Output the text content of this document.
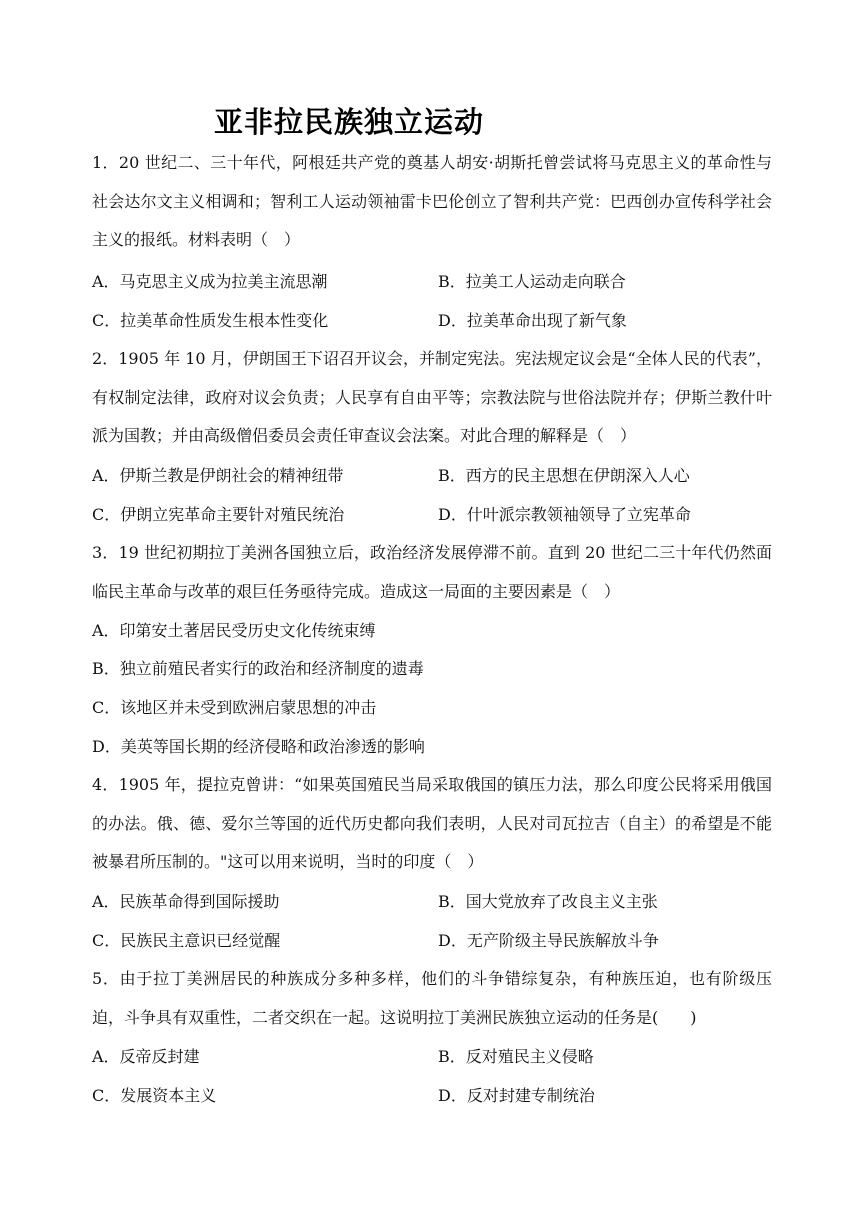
亚非拉民族独立运动

1．20 世纪二、三十年代，阿根廷共产党的奠基人胡安·胡斯托曾尝试将马克思主义的革命性与社会达尔文主义相调和；智利工人运动领袖雷卡巴伦创立了智利共产党：巴西创办宣传科学社会主义的报纸。材料表明（　）

A．马克思主义成为拉美主流思潮	B．拉美工人运动走向联合
C．拉美革命性质发生根本性变化	D．拉美革命出现了新气象

2．1905 年 10 月，伊朗国王下诏召开议会，并制定宪法。宪法规定议会是“全体人民的代表”，有权制定法律，政府对议会负责；人民享有自由平等；宗教法院与世俗法院并存；伊斯兰教什叶派为国教；并由高级僧侣委员会责任审查议会法案。对此合理的解释是（　）

A．伊斯兰教是伊朗社会的精神纽带	B．西方的民主思想在伊朗深入人心
C．伊朗立宪革命主要针对殖民统治	D．什叶派宗教领袖领导了立宪革命

3．19 世纪初期拉丁美洲各国独立后，政治经济发展停滞不前。直到 20 世纪二三十年代仍然面临民主革命与改革的艰巨任务亟待完成。造成这一局面的主要因素是（　）

A．印第安土著居民受历史文化传统束缚
B．独立前殖民者实行的政治和经济制度的遗毒
C．该地区并未受到欧洲启蒙思想的冲击
D．美英等国长期的经济侵略和政治渗透的影响

4．1905 年，提拉克曾讲：“如果英国殖民当局采取俄国的镇压力法，那么印度公民将采用俄国的办法。俄、德、爱尔兰等国的近代历史都向我们表明，人民对司瓦拉吉（自主）的希望是不能被暴君所压制的。"这可以用来说明，当时的印度（　）

A．民族革命得到国际援助	B．国大党放弃了改良主义主张
C．民族民主意识已经觉醒	D．无产阶级主导民族解放斗争

5．由于拉丁美洲居民的种族成分多种多样，他们的斗争错综复杂，有种族压迫，也有阶级压迫，斗争具有双重性，二者交织在一起。这说明拉丁美洲民族独立运动的任务是(　　)

A．反帝反封建	B．反对殖民主义侵略
C．发展资本主义	D．反对封建专制统治
